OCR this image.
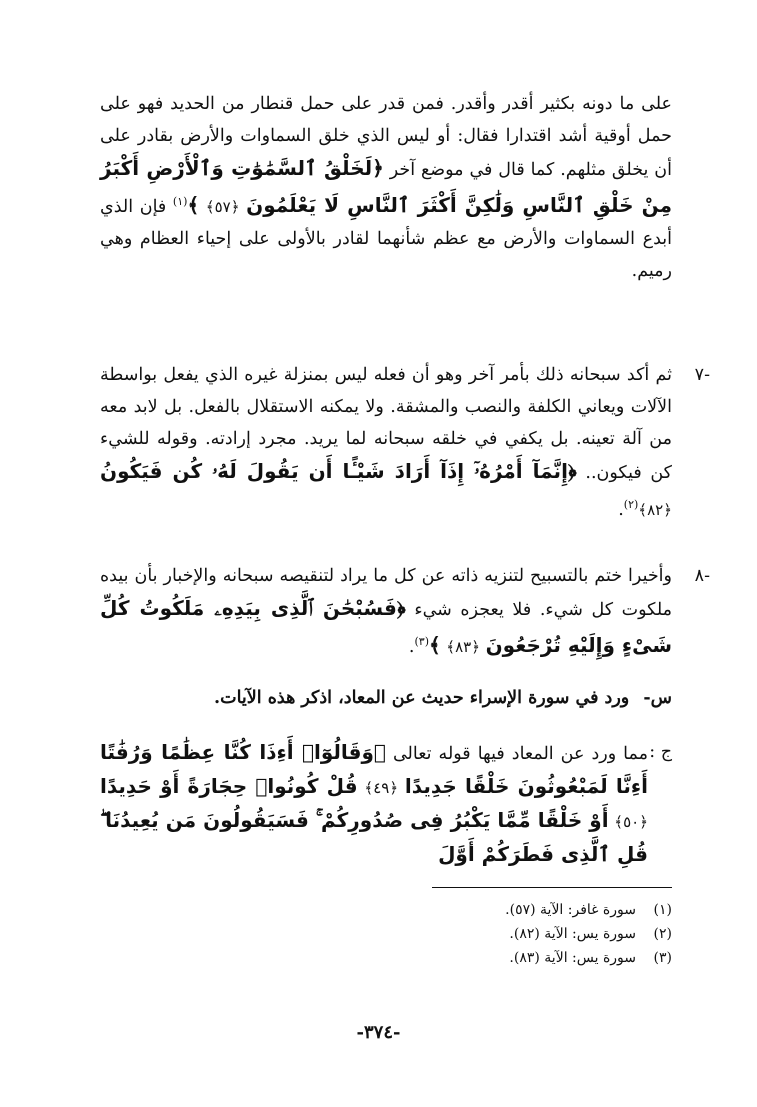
على ما دونه بكثير أقدر وأقدر. فمن قدر على حمل قنطار من الحديد فهو على حمل أوقية أشد اقتدارا فقال: أو ليس الذي خلق السماوات والأرض بقادر على أن يخلق مثلهم. كما قال في موضع آخر ﴿لَخَلْقُ ٱلسَّمَٰوَٰتِ وَٱلْأَرْضِ أَكْبَرُ مِنْ خَلْقِ ٱلنَّاسِ وَلَٰكِنَّ أَكْثَرَ ٱلنَّاسِ لَا يَعْلَمُونَ ﴿٥٧﴾ ﴾$^{(١)}$ فإن الذي أبدع السماوات والأرض مع عظم شأنهما لقادر بالأولى على إحياء العظام وهي رميم.
-٧
ثم أكد سبحانه ذلك بأمر آخر وهو أن فعله ليس بمنزلة غيره الذي يفعل بواسطة الآلات ويعاني الكلفة والنصب والمشقة. ولا يمكنه الاستقلال بالفعل. بل لابد معه من آلة تعينه. بل يكفي في خلقه سبحانه لما يريد. مجرد إرادته. وقوله للشيء كن فيكون.. ﴿إِنَّمَآ أَمْرُهُۥٓ إِذَآ أَرَادَ شَيْـًٔا أَن يَقُولَ لَهُۥ كُن فَيَكُونُ ﴿٨٢﴾$^{(٢)}$.
-٨
وأخيرا ختم بالتسبيح لتنزيه ذاته عن كل ما يراد لتنقيصه سبحانه والإخبار بأن بيده ملكوت كل شيء. فلا يعجزه شيء ﴿فَسُبْحَٰنَ ٱلَّذِى بِيَدِهِۦ مَلَكُوتُ كُلِّ شَىْءٍ وَإِلَيْهِ تُرْجَعُونَ ﴿٨٣﴾ ﴾$^{(٣)}$.
س- ورد في سورة الإسراء حديث عن المعاد، اذكر هذه الآيات.
ج :
مما ورد عن المعاد فيها قوله تعالى ﴿وَقَالُوٓا۟ أَءِذَا كُنَّا عِظَٰمًا وَرُفَٰتًا أَءِنَّا لَمَبْعُوثُونَ خَلْقًا جَدِيدًا ﴿٤٩﴾ قُلْ كُونُوا۟ حِجَارَةً أَوْ حَدِيدًا ﴿٥٠﴾ أَوْ خَلْقًا مِّمَّا يَكْبُرُ فِى صُدُورِكُمْ ۚ فَسَيَقُولُونَ مَن يُعِيدُنَا ۖ قُلِ ٱلَّذِى فَطَرَكُمْ أَوَّلَ
(١)
سورة غافر: الآية (٥٧).
(٢)
سورة يس: الآية (٨٢).
(٣)
سورة يس: الآية (٨٣).
-٣٧٤-
